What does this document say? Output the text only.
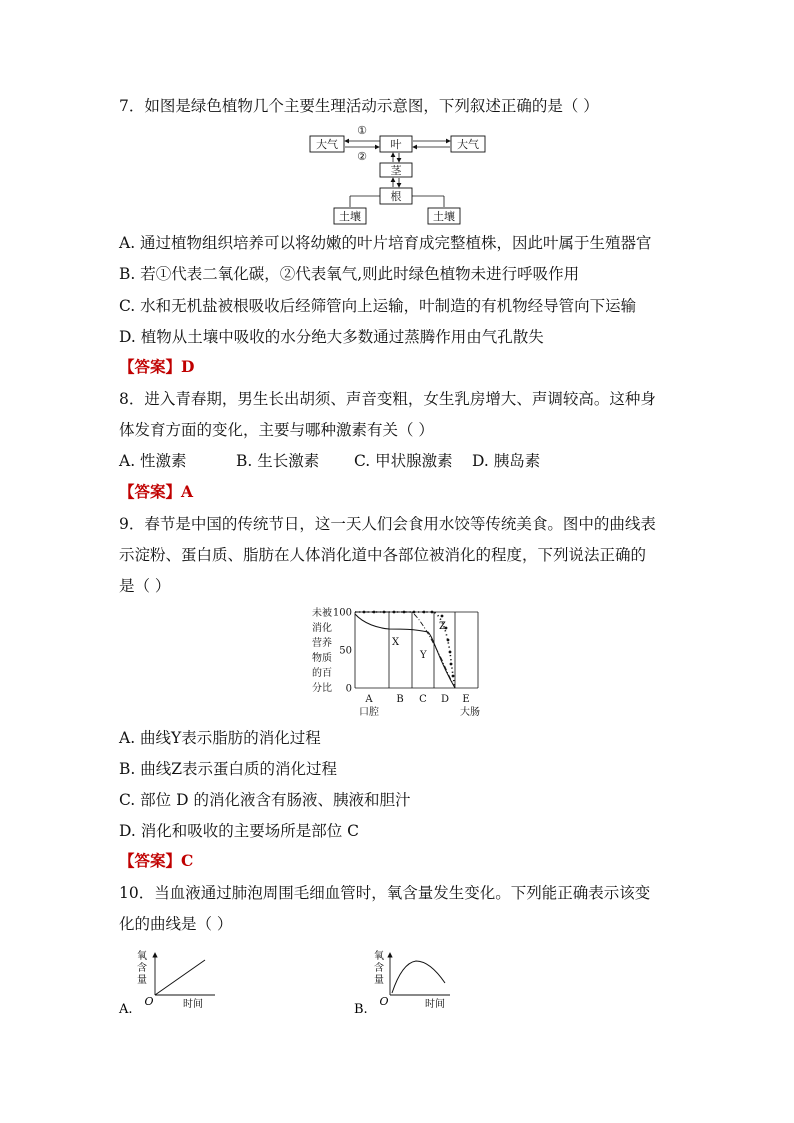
7．如图是绿色植物几个主要生理活动示意图，下列叙述正确的是（ ）
大气	叶	大气
茎
根
土壤	土壤
①
②
A. 通过植物组织培养可以将幼嫩的叶片培育成完整植株，因此叶属于生殖器官
B. 若①代表二氧化碳，②代表氧气,则此时绿色植物未进行呼吸作用
C. 水和无机盐被根吸收后经筛管向上运输，叶制造的有机物经导管向下运输
D. 植物从土壤中吸收的水分绝大多数通过蒸腾作用由气孔散失
【答案】D
8．进入青春期，男生长出胡须、声音变粗，女生乳房增大、声调较高。这种身
体发育方面的变化，主要与哪种激素有关（ ）
A. 性激素	B. 生长激素 C. 甲状腺激素 D. 胰岛素
【答案】A
9．春节是中国的传统节日，这一天人们会食用水饺等传统美食。图中的曲线表
示淀粉、蛋白质、脂肪在人体消化道中各部位被消化的程度，下列说法正确的
是（ ）
未被
消化
营养
物质
的百
分比
100
50
0
A B C D E
口腔	大肠
X
Y
Z
A. 曲线Y表示脂肪的消化过程
B. 曲线Z表示蛋白质的消化过程
C. 部位 D 的消化液含有肠液、胰液和胆汁
D. 消化和吸收的主要场所是部位 C
【答案】C
10．当血液通过肺泡周围毛细血管时，氧含量发生变化。下列能正确表示该变
化的曲线是（ ）
氧
含
量
O	时间
A.
氧
含
量
O	时间
B.
